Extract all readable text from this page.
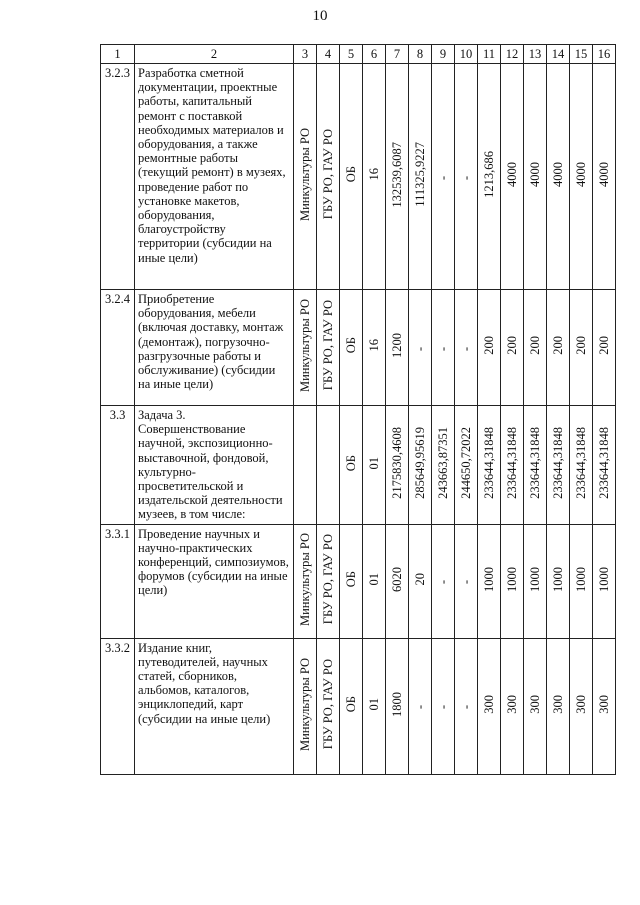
10
1	2	3	4	5	6	7	8	9	10	11	12	13	14	15	16
3.2.3	Разработка сметной документации, проектные работы, капитальный ремонт с поставкой необходимых материалов и оборудования, а также ремонтные работы (текущий ремонт) в музеях, проведение работ по установке макетов, оборудования, благоустройству территории (субсидии на иные цели)	Минкультуры РО	ГБУ РО, ГАУ РО	ОБ	16	132539,6087	111325,9227	-	-	1213,686	4000	4000	4000	4000	4000
3.2.4	Приобретение оборудования, мебели (включая доставку, монтаж (демонтаж), погрузочно-разгрузочные работы и обслуживание) (субсидии на иные цели)	Минкультуры РО	ГБУ РО, ГАУ РО	ОБ	16	1200	-	-	-	200	200	200	200	200	200
3.3	Задача 3. Совершенствование научной, экспозиционно-выставочной, фондовой, культурно-просветительской и издательской деятельности музеев, в том числе:			ОБ	01	2175830,4608	285649,95619	243663,87351	244650,72022	233644,31848	233644,31848	233644,31848	233644,31848	233644,31848	233644,31848
3.3.1	Проведение научных и научно-практических конференций, симпозиумов, форумов (субсидии на иные цели)	Минкультуры РО	ГБУ РО, ГАУ РО	ОБ	01	6020	20	-	-	1000	1000	1000	1000	1000	1000
3.3.2	Издание книг, путеводителей, научных статей, сборников, альбомов, каталогов, энциклопедий, карт (субсидии на иные цели)	Минкультуры РО	ГБУ РО, ГАУ РО	ОБ	01	1800	-	-	-	300	300	300	300	300	300
